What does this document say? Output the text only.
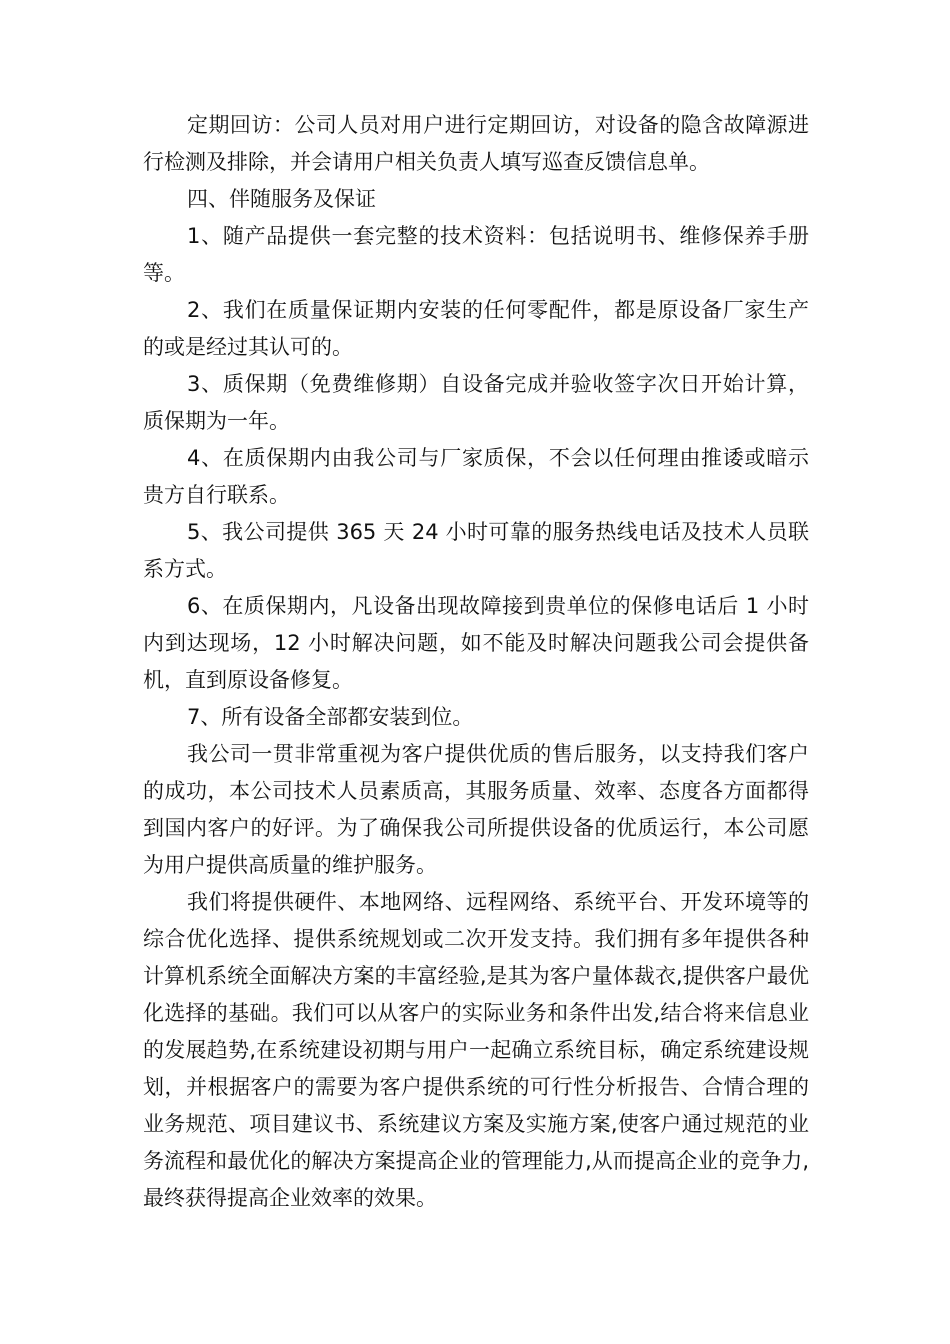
定期回访：公司人员对用户进行定期回访，对设备的隐含故障源进行检测及排除，并会请用户相关负责人填写巡查反馈信息单。

四、伴随服务及保证

1、随产品提供一套完整的技术资料：包括说明书、维修保养手册等。

2、我们在质量保证期内安装的任何零配件，都是原设备厂家生产的或是经过其认可的。

3、质保期（免费维修期）自设备完成并验收签字次日开始计算，质保期为一年。

4、在质保期内由我公司与厂家质保，不会以任何理由推诿或暗示贵方自行联系。

5、我公司提供 365 天 24 小时可靠的服务热线电话及技术人员联系方式。

6、在质保期内，凡设备出现故障接到贵单位的保修电话后 1 小时内到达现场，12 小时解决问题，如不能及时解决问题我公司会提供备机，直到原设备修复。

7、所有设备全部都安装到位。

我公司一贯非常重视为客户提供优质的售后服务，以支持我们客户的成功，本公司技术人员素质高，其服务质量、效率、态度各方面都得到国内客户的好评。为了确保我公司所提供设备的优质运行，本公司愿为用户提供高质量的维护服务。

我们将提供硬件、本地网络、远程网络、系统平台、开发环境等的综合优化选择、提供系统规划或二次开发支持。我们拥有多年提供各种计算机系统全面解决方案的丰富经验,是其为客户量体裁衣,提供客户最优化选择的基础。我们可以从客户的实际业务和条件出发,结合将来信息业的发展趋势,在系统建设初期与用户一起确立系统目标，确定系统建设规划，并根据客户的需要为客户提供系统的可行性分析报告、合情合理的业务规范、项目建议书、系统建议方案及实施方案,使客户通过规范的业务流程和最优化的解决方案提高企业的管理能力,从而提高企业的竞争力,最终获得提高企业效率的效果。
